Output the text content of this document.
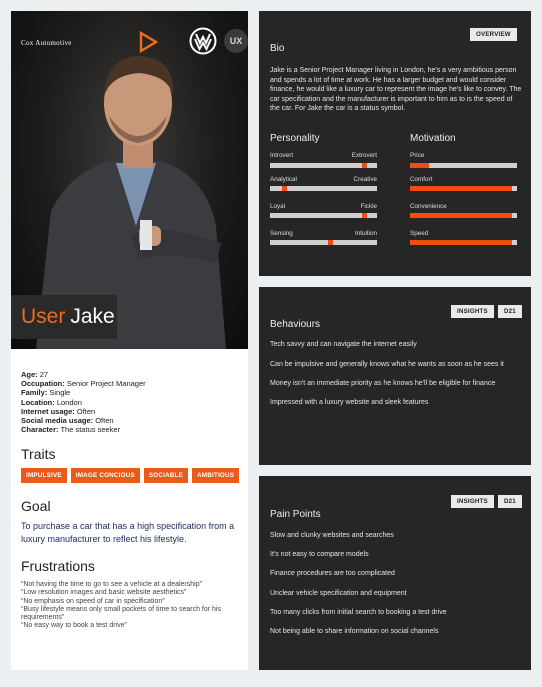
Cox Automotive	UX
User Jake
Age: 27
Occupation: Senior Project Manager
Family: Single
Location: London
Internet usage: Often
Social media usage: Often
Character: The status seeker
Traits
IMPULSIVE	IMAGE CONCIOUS	SOCIABLE	AMBITIOUS
Goal
To purchase a car that has a high specification from a luxury manufacturer to reflect his lifestyle.
Frustrations
“Not having the time to go to see a vehicle at a dealership”
“Low resolution images and basic website aesthetics”
“No emphasis on speed of car in specification”
“Busy lifestyle means only small pockets of time to search for his requirements”
“No easy way to book a test drive”
OVERVIEW
Bio
Jake is a Senior Project Manager living in London, he's a very ambitious person and spends a lot of time at work. He has a larger budget and would consider finance, he would like a luxury car to represent the image he's like to convey. The car specification and the manufacturer is important to him as to is the speed of the car. For Jake the car is a status symbol.
Personality	Motivation
Introvert	Extrovert
Analytical	Creative
Loyal	Fickle
Sensing	Intuition
Price
Comfort
Convenience
Speed
INSIGHTS	D21
Behaviours
Tech savvy and can navigate the internet easily
Can be impulsive and generally knows what he wants as soon as he sees it
Money isn't an immediate priority as he knows he'll be eligible for finance
Impressed with a luxury website and sleek features
INSIGHTS	D21
Pain Points
Slow and clunky websites and searches
It's not easy to compare models
Finance procedures are too complicated
Unclear vehicle specification and equipment
Too many clicks from initial search to booking a test drive
Not being able to share information on social channels
